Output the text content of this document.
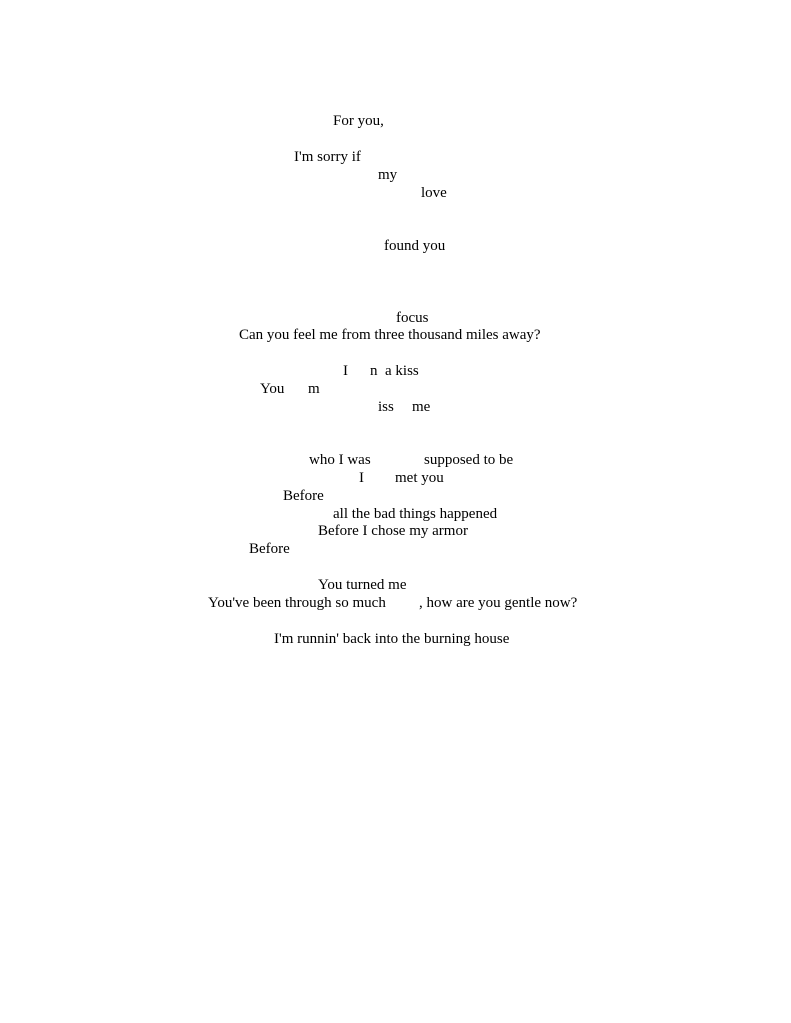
For you,

I'm sorry if

my

love

found you

focus

Can you feel me from three thousand miles away?

I n a kiss

You m

iss me

who I was	supposed to be

I met you

Before

all the bad things happened

Before I chose my armor

Before

You turned me

You've been through so much , how are you gentle now?

I'm runnin' back into the burning house
